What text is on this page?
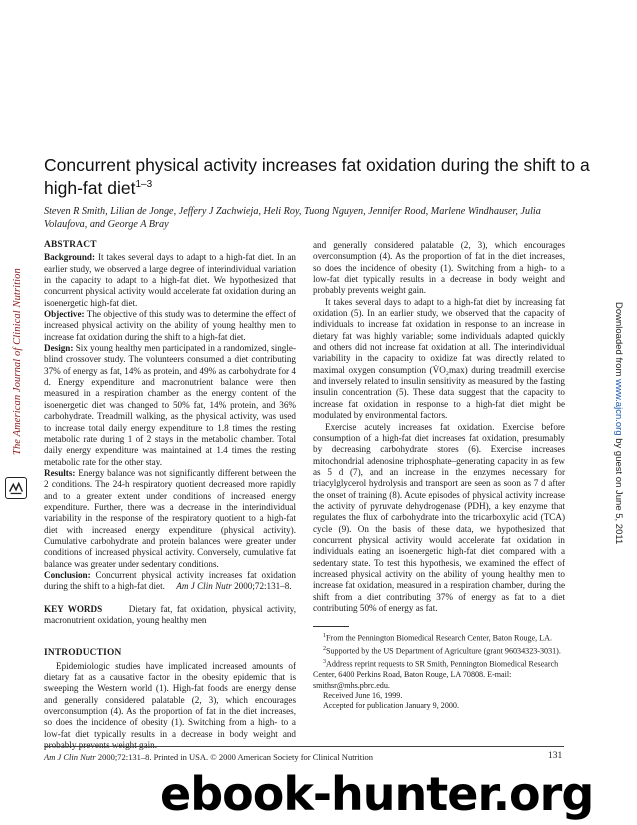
The American Journal of Clinical Nutrition	Downloaded from www.ajcn.org by guest on June 5, 2011
Concurrent physical activity increases fat oxidation during the shift to a high-fat diet$^{1-3}$
Steven R Smith, Lilian de Jonge, Jeffery J Zachwieja, Heli Roy, Tuong Nguyen, Jennifer Rood, Marlene Windhauser, Julia Volaufova, and George A Bray
ABSTRACT

Background: It takes several days to adapt to a high-fat diet. In an earlier study, we observed a large degree of interindividual variation in the capacity to adapt to a high-fat diet. We hypothesized that concurrent physical activity would accelerate fat oxidation during an isoenergetic high-fat diet.

Objective: The objective of this study was to determine the effect of increased physical activity on the ability of young healthy men to increase fat oxidation during the shift to a high-fat diet.

Design: Six young healthy men participated in a randomized, single-blind crossover study. The volunteers consumed a diet contributing 37% of energy as fat, 14% as protein, and 49% as carbohydrate for 4 d. Energy expenditure and macronutrient balance were then measured in a respiration chamber as the energy content of the isoenergetic diet was changed to 50% fat, 14% protein, and 36% carbohydrate. Treadmill walking, as the physical activity, was used to increase total daily energy expenditure to 1.8 times the resting metabolic rate during 1 of 2 stays in the metabolic chamber. Total daily energy expenditure was maintained at 1.4 times the resting metabolic rate for the other stay.

Results: Energy balance was not significantly different between the 2 conditions. The 24-h respiratory quotient decreased more rapidly and to a greater extent under conditions of increased energy expenditure. Further, there was a decrease in the interindividual variability in the response of the respiratory quotient to a high-fat diet with increased energy expenditure (physical activity). Cumulative carbohydrate and protein balances were greater under conditions of increased physical activity. Conversely, cumulative fat balance was greater under sedentary conditions.

Conclusion: Concurrent physical activity increases fat oxidation during the shift to a high-fat diet. Am J Clin Nutr 2000;72:131–8.

KEY WORDS	Dietary fat, fat oxidation, physical activity, macronutrient oxidation, young healthy men

INTRODUCTION

Epidemiologic studies have implicated increased amounts of dietary fat as a causative factor in the obesity epidemic that is sweeping the Western world (1). High-fat foods are energy dense and generally considered palatable (2, 3), which encourages overconsumption (4). As the proportion of fat in the diet increases, so does the incidence of obesity (1). Switching from a high- to a low-fat diet typically results in a decrease in body weight and probably prevents weight gain.

and generally considered palatable (2, 3), which encourages overconsumption (4). As the proportion of fat in the diet increases, so does the incidence of obesity (1). Switching from a high- to a low-fat diet typically results in a decrease in body weight and probably prevents weight gain.

It takes several days to adapt to a high-fat diet by increasing fat oxidation (5). In an earlier study, we observed that the capacity of individuals to increase fat oxidation in response to an increase in dietary fat was highly variable; some individuals adapted quickly and others did not increase fat oxidation at all. The interindividual variability in the capacity to oxidize fat was directly related to maximal oxygen consumption (V̇O₂max) during treadmill exercise and inversely related to insulin sensitivity as measured by the fasting insulin concentration (5). These data suggest that the capacity to increase fat oxidation in response to a high-fat diet might be modulated by environmental factors.

Exercise acutely increases fat oxidation. Exercise before consumption of a high-fat diet increases fat oxidation, presumably by decreasing carbohydrate stores (6). Exercise increases mitochondrial adenosine triphosphate–generating capacity in as few as 5 d (7), and an increase in the enzymes necessary for triacylglycerol hydrolysis and transport are seen as soon as 7 d after the onset of training (8). Acute episodes of physical activity increase the activity of pyruvate dehydrogenase (PDH), a key enzyme that regulates the flux of carbohydrate into the tricarboxylic acid (TCA) cycle (9). On the basis of these data, we hypothesized that concurrent physical activity would accelerate fat oxidation in individuals eating an isoenergetic high-fat diet compared with a sedentary state. To test this hypothesis, we examined the effect of increased physical activity on the ability of young healthy men to increase fat oxidation, measured in a respiration chamber, during the shift from a diet contributing 37% of energy as fat to a diet contributing 50% of energy as fat.

$^1$From the Pennington Biomedical Research Center, Baton Rouge, LA.

$^2$Supported by the US Department of Agriculture (grant 96034323-3031).

$^3$Address reprint requests to SR Smith, Pennington Biomedical Research Center, 6400 Perkins Road, Baton Rouge, LA 70808. E-mail: smithsr@mhs.pbrc.edu.

Received June 16, 1999.

Accepted for publication January 9, 2000.

Am J Clin Nutr 2000;72:131–8. Printed in USA. © 2000 American Society for Clinical Nutrition	131
ebook-hunter.org
